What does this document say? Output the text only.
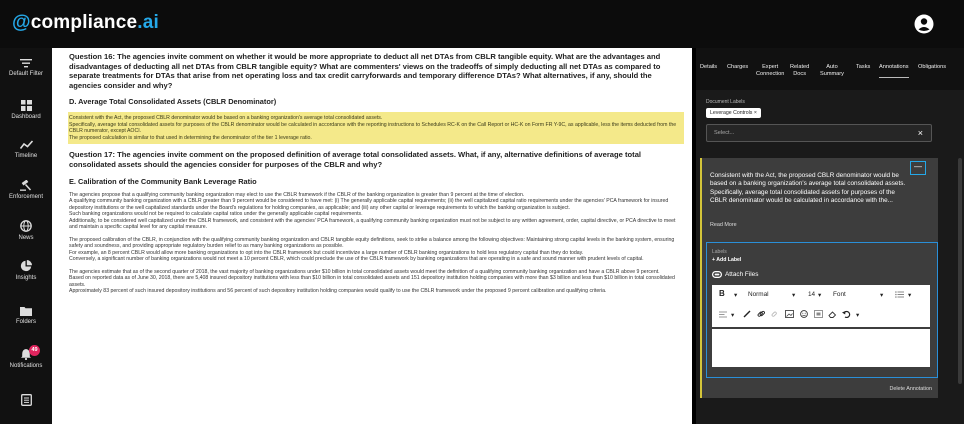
@compliance.ai
Default Filter
Dashboard
Timeline
Enforcement
News
Insights
Folders
49
Notifications
Question 16: The agencies invite comment on whether it would be more appropriate to deduct all net DTAs from CBLR tangible equity. What are the advantages and disadvantages of deducting all net DTAs from CBLR tangible equity? What are commenters' views on the tradeoffs of simply deducting all net DTAs as compared to separate treatments for DTAs that arise from net operating loss and tax credit carryforwards and temporary difference DTAs? What alternatives, if any, should the agencies consider and why?
D. Average Total Consolidated Assets (CBLR Denominator)
Consistent with the Act, the proposed CBLR denominator would be based on a banking organization's average total consolidated assets.
Specifically, average total consolidated assets for purposes of the CBLR denominator would be calculated in accordance with the reporting instructions to Schedules RC-K on the Call Report or HC-K on Form FR Y-9C, as applicable, less the items deducted from the CBLR numerator, except AOCI.
The proposed calculation is similar to that used in determining the denominator of the tier 1 leverage ratio.
Question 17: The agencies invite comment on the proposed definition of average total consolidated assets. What, if any, alternative definitions of average total consolidated assets should the agencies consider for purposes of the CBLR and why?
E. Calibration of the Community Bank Leverage Ratio
The agencies propose that a qualifying community banking organization may elect to use the CBLR framework if the CBLR of the banking organization is greater than 9 percent at the time of election.
A qualifying community banking organization with a CBLR greater than 9 percent would be considered to have met: (i) The generally applicable capital requirements; (ii) the well capitalized capital ratio requirements under the agencies' PCA framework for insured depository institutions or the well capitalized standards under the Board's regulations for holding companies, as applicable; and (iii) any other capital or leverage requirements to which the banking organization is subject.
Such banking organizations would not be required to calculate capital ratios under the generally applicable capital requirements.
Additionally, to be considered well capitalized under the CBLR framework, and consistent with the agencies' PCA framework, a qualifying community banking organization must not be subject to any written agreement, order, capital directive, or PCA directive to meet and maintain a specific capital level for any capital measure.
The proposed calibration of the CBLR, in conjunction with the qualifying community banking organization and CBLR tangible equity definitions, seek to strike a balance among the following objectives: Maintaining strong capital levels in the banking system, ensuring safety and soundness, and providing appropriate regulatory burden relief to as many banking organizations as possible.
For example, an 8 percent CBLR would allow more banking organizations to opt into the CBLR framework but could incentivize a large number of CBLR banking organizations to hold less regulatory capital than they do today.
Conversely, a significant number of banking organizations would not meet a 10 percent CBLR, which could preclude the use of the CBLR framework by banking organizations that are operating in a safe and sound manner with prudent levels of capital.
The agencies estimate that as of the second quarter of 2018, the vast majority of banking organizations under $10 billion in total consolidated assets would meet the definition of a qualifying community banking organization and have a CBLR above 9 percent.
Based on reported data as of June 30, 2018, there are 5,408 insured depository institutions with less than $10 billion in total consolidated assets and 151 depository institution holding companies with more than $3 billion and less than $10 billion in total consolidated assets.
Approximately 83 percent of such insured depository institutions and 56 percent of such depository institution holding companies would qualify to use the CBLR framework under the proposed 9 percent calibration and qualifying criteria.
Details Charges	Expert
Connection
Related
Docs
Auto
Summary
Tasks Annotations Obligations
Document Labels
Leverage Controls ×
Select...	×
Consistent with the Act, the proposed CBLR denominator would be based on a banking organization's average total consolidated assets. Specifically, average total consolidated assets for purposes of the CBLR denominator would be calculated in accordance with the...
—
Read More
Labels
+ Add Label
Attach Files
B ▾ Normal	▾ 14 ▾ Font	▾	▾
▾	▾
Delete Annotation
